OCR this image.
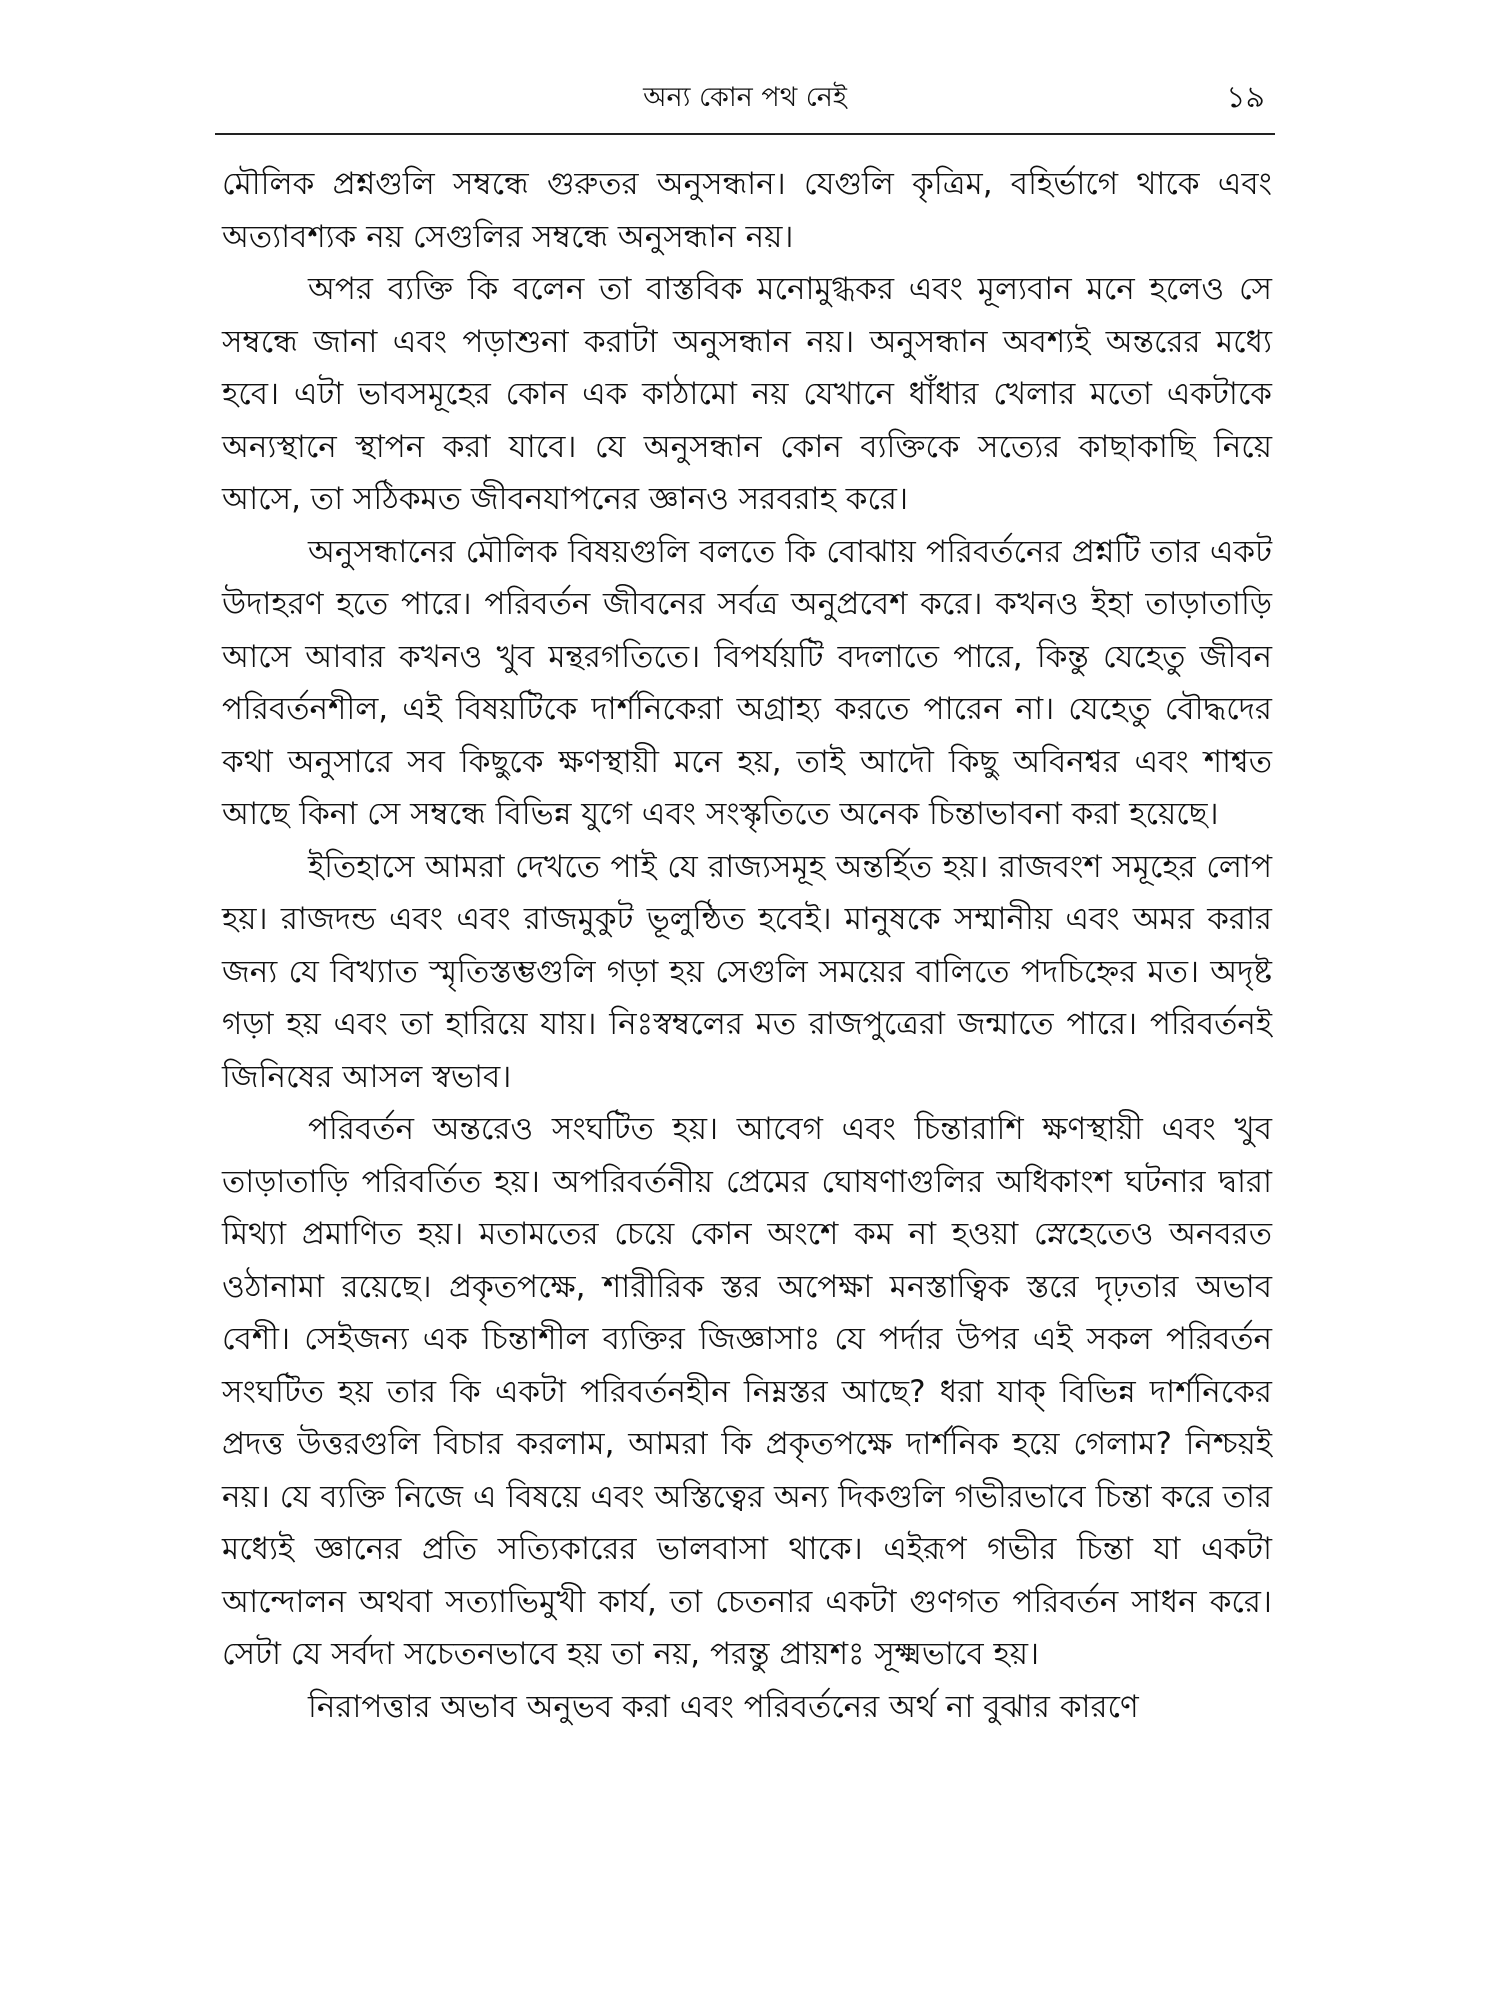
অন্য কোন পথ নেই	১৯

মৌলিক প্রশ্নগুলি সম্বন্ধে গুরুতর অনুসন্ধান। যেগুলি কৃত্রিম, বহির্ভাগে থাকে এবং অত্যাবশ্যক নয় সেগুলির সম্বন্ধে অনুসন্ধান নয়।

অপর ব্যক্তি কি বলেন তা বাস্তবিক মনোমুগ্ধকর এবং মূল্যবান মনে হলেও সে সম্বন্ধে জানা এবং পড়াশুনা করাটা অনুসন্ধান নয়। অনুসন্ধান অবশ্যই অন্তরের মধ্যে হবে। এটা ভাবসমূহের কোন এক কাঠামো নয় যেখানে ধাঁধার খেলার মতো একটাকে অন্যস্থানে স্থাপন করা যাবে। যে অনুসন্ধান কোন ব্যক্তিকে সত্যের কাছাকাছি নিয়ে আসে, তা সঠিকমত জীবনযাপনের জ্ঞানও সরবরাহ করে।

অনুসন্ধানের মৌলিক বিষয়গুলি বলতে কি বোঝায় পরিবর্তনের প্রশ্নটি তার একট উদাহরণ হতে পারে। পরিবর্তন জীবনের সর্বত্র অনুপ্রবেশ করে। কখনও ইহা তাড়াতাড়ি আসে আবার কখনও খুব মন্থরগতিতে। বিপর্যয়টি বদলাতে পারে, কিন্তু যেহেতু জীবন পরিবর্তনশীল, এই বিষয়টিকে দার্শনিকেরা অগ্রাহ্য করতে পারেন না। যেহেতু বৌদ্ধদের কথা অনুসারে সব কিছুকে ক্ষণস্থায়ী মনে হয়, তাই আদৌ কিছু অবিনশ্বর এবং শাশ্বত আছে কিনা সে সম্বন্ধে বিভিন্ন যুগে এবং সংস্কৃতিতে অনেক চিন্তাভাবনা করা হয়েছে।

ইতিহাসে আমরা দেখতে পাই যে রাজ্যসমূহ অন্তর্হিত হয়। রাজবংশ সমূহের লোপ হয়। রাজদন্ড এবং এবং রাজমুকুট ভূলুন্ঠিত হবেই। মানুষকে সম্মানীয় এবং অমর করার জন্য যে বিখ্যাত স্মৃতিস্তম্ভগুলি গড়া হয় সেগুলি সময়ের বালিতে পদচিহ্নের মত। অদৃষ্ট গড়া হয় এবং তা হারিয়ে যায়। নিঃস্বম্বলের মত রাজপুত্রেরা জন্মাতে পারে। পরিবর্তনই জিনিষের আসল স্বভাব।

পরিবর্তন অন্তরেও সংঘটিত হয়। আবেগ এবং চিন্তারাশি ক্ষণস্থায়ী এবং খুব তাড়াতাড়ি পরিবর্তিত হয়। অপরিবর্তনীয় প্রেমের ঘোষণাগুলির অধিকাংশ ঘটনার দ্বারা মিথ্যা প্রমাণিত হয়। মতামতের চেয়ে কোন অংশে কম না হওয়া স্নেহেতেও অনবরত ওঠানামা রয়েছে। প্রকৃতপক্ষে, শারীরিক স্তর অপেক্ষা মনস্তাত্বিক স্তরে দৃঢ়তার অভাব বেশী। সেইজন্য এক চিন্তাশীল ব্যক্তির জিজ্ঞাসাঃ যে পর্দার উপর এই সকল পরিবর্তন সংঘটিত হয় তার কি একটা পরিবর্তনহীন নিম্নস্তর আছে? ধরা যাক্ বিভিন্ন দার্শনিকের প্রদত্ত উত্তরগুলি বিচার করলাম, আমরা কি প্রকৃতপক্ষে দার্শনিক হয়ে গেলাম? নিশ্চয়ই নয়। যে ব্যক্তি নিজে এ বিষয়ে এবং অস্তিত্বের অন্য দিকগুলি গভীরভাবে চিন্তা করে তার মধ্যেই জ্ঞানের প্রতি সত্যিকারের ভালবাসা থাকে। এইরূপ গভীর চিন্তা যা একটা আন্দোলন অথবা সত্যাভিমুখী কার্য, তা চেতনার একটা গুণগত পরিবর্তন সাধন করে। সেটা যে সর্বদা সচেতনভাবে হয় তা নয়, পরন্তু প্রায়শঃ সূক্ষ্মভাবে হয়।

নিরাপত্তার অভাব অনুভব করা এবং পরিবর্তনের অর্থ না বুঝার কারণে
